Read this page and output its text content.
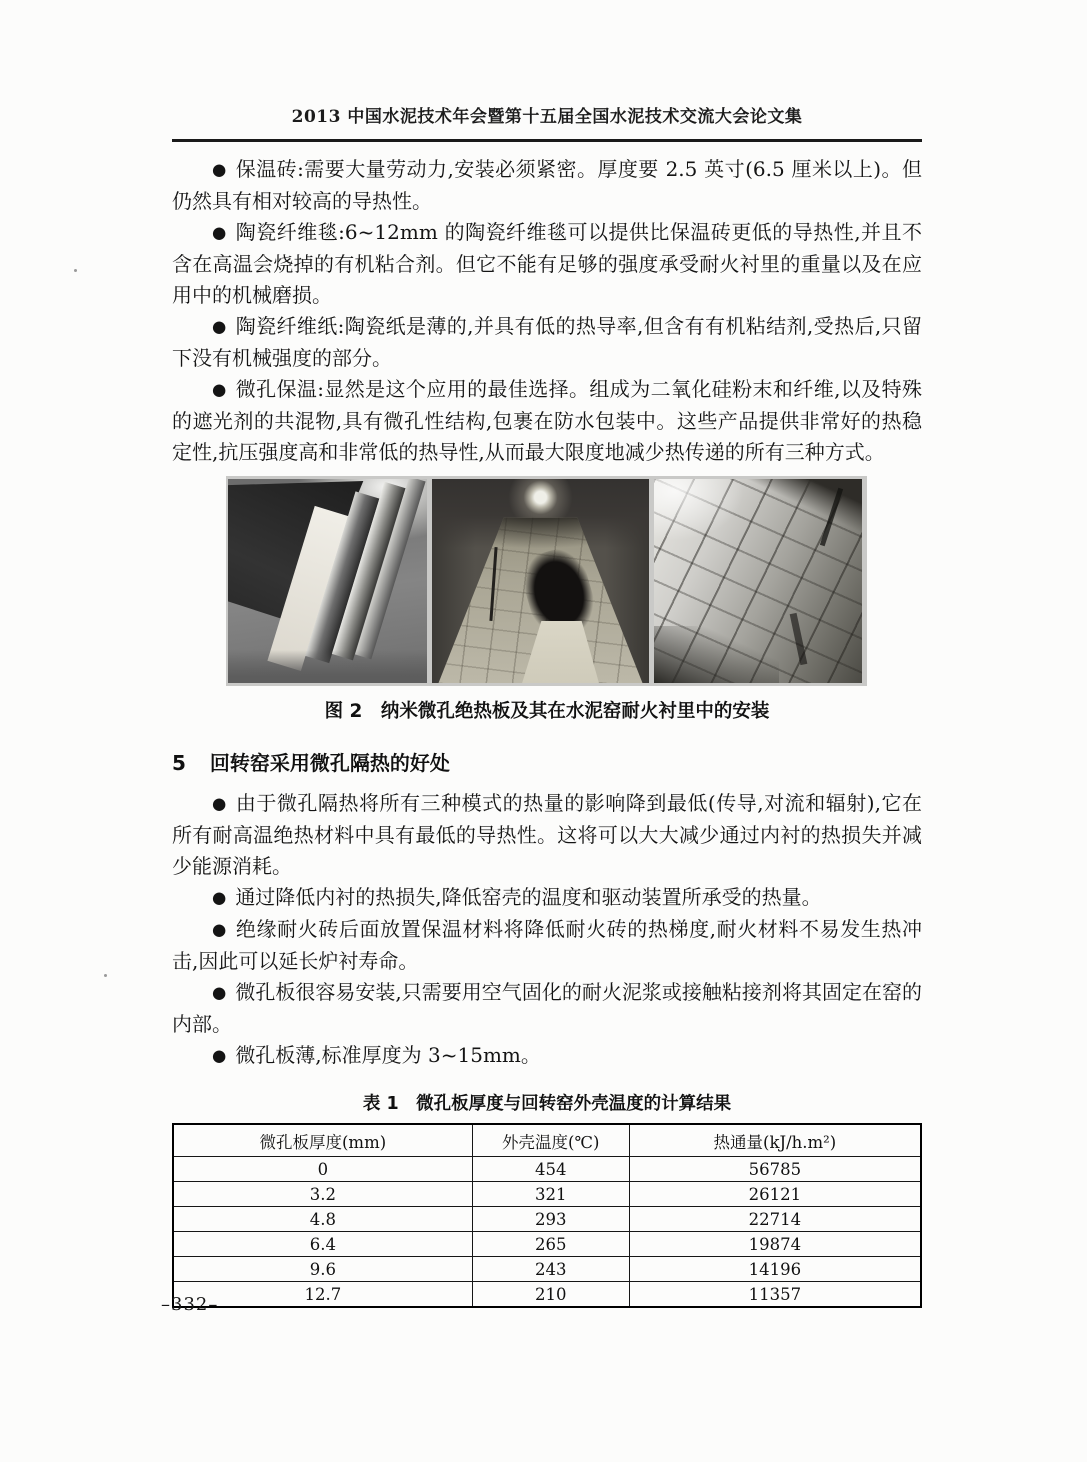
2013 中国水泥技术年会暨第十五届全国水泥技术交流大会论文集

● 保温砖:需要大量劳动力,安装必须紧密。厚度要 2.5 英寸(6.5 厘米以上)。但仍然具有相对较高的导热性。

● 陶瓷纤维毯:6~12mm 的陶瓷纤维毯可以提供比保温砖更低的导热性,并且不含在高温会烧掉的有机粘合剂。但它不能有足够的强度承受耐火衬里的重量以及在应用中的机械磨损。

● 陶瓷纤维纸:陶瓷纸是薄的,并具有低的热导率,但含有有机粘结剂,受热后,只留下没有机械强度的部分。

● 微孔保温:显然是这个应用的最佳选择。组成为二氧化硅粉末和纤维,以及特殊的遮光剂的共混物,具有微孔性结构,包裹在防水包装中。这些产品提供非常好的热稳定性,抗压强度高和非常低的热导性,从而最大限度地减少热传递的所有三种方式。

图 2　纳米微孔绝热板及其在水泥窑耐火衬里中的安装
5 回转窑采用微孔隔热的好处

● 由于微孔隔热将所有三种模式的热量的影响降到最低(传导,对流和辐射),它在所有耐高温绝热材料中具有最低的导热性。这将可以大大减少通过内衬的热损失并减少能源消耗。

● 通过降低内衬的热损失,降低窑壳的温度和驱动装置所承受的热量。

● 绝缘耐火砖后面放置保温材料将降低耐火砖的热梯度,耐火材料不易发生热冲击,因此可以延长炉衬寿命。

● 微孔板很容易安装,只需要用空气固化的耐火泥浆或接触粘接剂将其固定在窑的内部。

● 微孔板薄,标准厚度为 3~15mm。

表 1　微孔板厚度与回转窑外壳温度的计算结果
微孔板厚度(mm)	外壳温度(℃)	热通量(kJ/h.m²)
0	454	56785
3.2	321	26121
4.8	293	22714
6.4	265	19874
9.6	243	14196
12.7	210	11357
–332–
